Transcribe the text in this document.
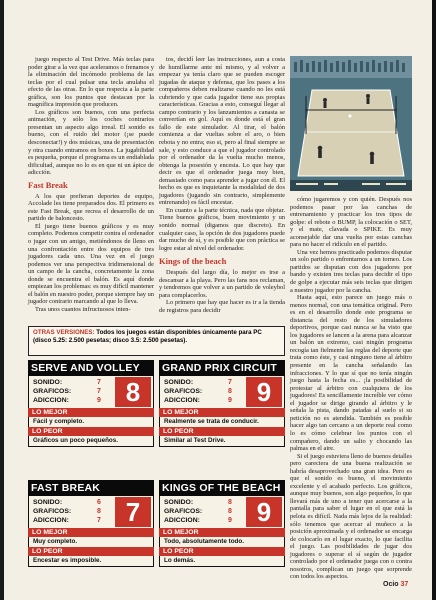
juego respecto al Test Drive. Más teclas para poder girar a la vez que aceleramos o frenamos y la eliminación del incómodo problema de las teclas por el cual pulsar una tecla anulaba el efecto de las otras. En lo que respecta a la parte gráfica, son los puntos que destacan por la magnífica impresión que producen.

Los gráficos son buenos, con una perfecta animación, y sólo los coches contrarios presentan un aspecto algo irreal. El sonido es bueno, con el ruido del motor (¡se puede desconectar!) y dos músicas, una de presentación y otra cuando entramos en boxes. La jugabilidad es pequeña, porque el programa es un endiablada dificultad, aunque no lo es en que ni un ápice de adicción.

Fast Break

A los que prefieran deportes de equipo, Accolade les tiene preparados dos. El primero es este Fast Break, que recrea el desarrollo de un partido de baloncesto.

El juego tiene buenos gráficos y es muy completo. Podemos competir contra el ordenador o jugar con un amigo, metiéndonos de lleno en una confrontación entre dos equipos de tres jugadores cada uno. Una vez en el juego podemos ver una perspectiva tridimensional de un campo de la cancha, concretamente la zona donde se encuentra el balón. Es aquí donde empiezan los problemas: es muy difícil mantener el balón en nuestro poder, porque siempre hay un jugador contrario marcando al que lo lleva.

Tras unos cuantos infructuosos inten-

tos, decidí leer las instrucciones, aun a costa de humillarme ante mí mismo, y al volver a empezar ya tenía claro que se pueden escoger jugadas de ataque y defensa, que los pases a los compañeros deben realizarse cuando no les está cubriendo y que cada jugador tiene sus propias características. Gracias a esto, conseguí llegar al campo contrario y los lanzamientos a canasta se convertían en gol. Aquí es donde está el gran fallo de este simulador. Al tirar, el balón comienza a dar vueltas sobre el aro, o bien rebota y no entra; eso si, pero al final siempre se sale, y esto conduce a que el jugador controlado por el ordenador da la vuelta mucho menos, obtenga la posesión y encesta. Lo que hay que decir es que el ordenador juega muy bien, demasiado como para aprender a jugar con él. El hecho es que es inquietante la modalidad de dos jugadores (jugando sin contrario, simplemente entrenando) es fácil encestar.

En cuanto a la parte técnica, nada que objetar. Tiene buenos gráficos, buen movimiento y un sonido normal (digamos que discreto). En cualquier caso, la opción de dos jugadores puede dar mucho de sí, y es posible que con práctica se logre estar al nivel del ordenador.

Kings of the beach

Después del largo día, lo mejor es irse a descansar a la playa. Pero las fans nos reclaman, y tendremos que volver a un partido de voleybol para complacerlos.

Lo primero que hay que hacer es ir a la tienda de registros para decidir

cómo jugaremos y con quién. Después nos podemos pasar por las canchas de entrenamiento y practicar los tres tipos de golpe: el rebote o BUMP, la colocación o SET, y el mate, clavada o SPIKE. Es muy aconsejable dar una vuelta por estas canchas para no hacer el ridículo en el partido.

Una vez hemos practicado podemos disputar un solo partido o enfrentarnos a un torneo. Los partidos se disputan con dos jugadores por bando y existen tres teclas para decidir el tipo de golpe a ejecutar más seis teclas que dirigen a nuestro jugador por la cancha.

Hasta aquí, esto parece un juego más o menos normal, con una temática original. Pero es en el desarrollo donde este programa se distancia del resto de los simuladores deportivos, porque casi nunca se ha visto que los jugadores se lancen a la arena para alcanzar un balón un extremo, casi ningún programa recogía tan fielmente las reglas del deporte que trata como éste, y casi ninguno tiene al árbitro presente en la cancha señalando las infracciones. Y lo que sí que no tenía ningún juego hasta la fecha es... ¡la posibilidad de protestar al árbitro con cualquiera de los jugadores! Es sencillamente increíble ver cómo el jugador se dirige girando al árbitro y le señala la pista, dando patadas al suelo si su petición no es atendida. También es posible hacer algo tan cercano a un deporte real como lo es cómo celebrar los puntos con el compañero, dando un salto y chocando las palmas en el aire.

Si el juego estuviera lleno de buenos detalles pero careciera de una buena realización se habría desaprovechado una gran idea. Pero es que el sonido es bueno, el movimiento excelente y el acabado perfecto. Los gráficos, aunque muy buenos, son algo pequeños, lo que llevará más de uno a tener que acercarse a la pantalla para saber el lugar en el que está la pelota es difícil. Nada más lejos de la realidad: sólo tenemos que acercar al muñeco a la posición aproximada y el ordenador se encarga de colocarlo en el lugar exacto, lo que facilita el juego. Las posibilidades de jugar dos jugadores o superar el sí según de jugador controlado por el ordenador juega con o contra nosotros, complican un juego que sorprende con todos los aspectos.

OTRAS VERSIONES: Todos los juegos están disponibles únicamente para PC (disco 5.25: 2.500 pesetas; disco 3.5: 2.500 pesetas).
SERVE AND VOLLEY
SONIDO:
GRAFICOS:
ADICCION:
7
7
9 8
LO MEJOR
Fácil y completo.
LO PEOR
Gráficos un poco pequeños.
GRAND PRIX CIRCUIT
SONIDO:
GRAFICOS:
ADICCION:
7
8
9 9
LO MEJOR
Realmente se trata de conducir.
LO PEOR
Similar al Test Drive.
FAST BREAK
SONIDO:
GRAFICOS:
ADICCION:
6
8
7 7
LO MEJOR
Muy completo.
LO PEOR
Encestar es imposible.
KINGS OF THE BEACH
SONIDO:
GRAFICOS:
ADICCION:
8
8
9 9
LO MEJOR
Todo, absolutamente todo.
LO PEOR
Lo demás.
Ocio 37
